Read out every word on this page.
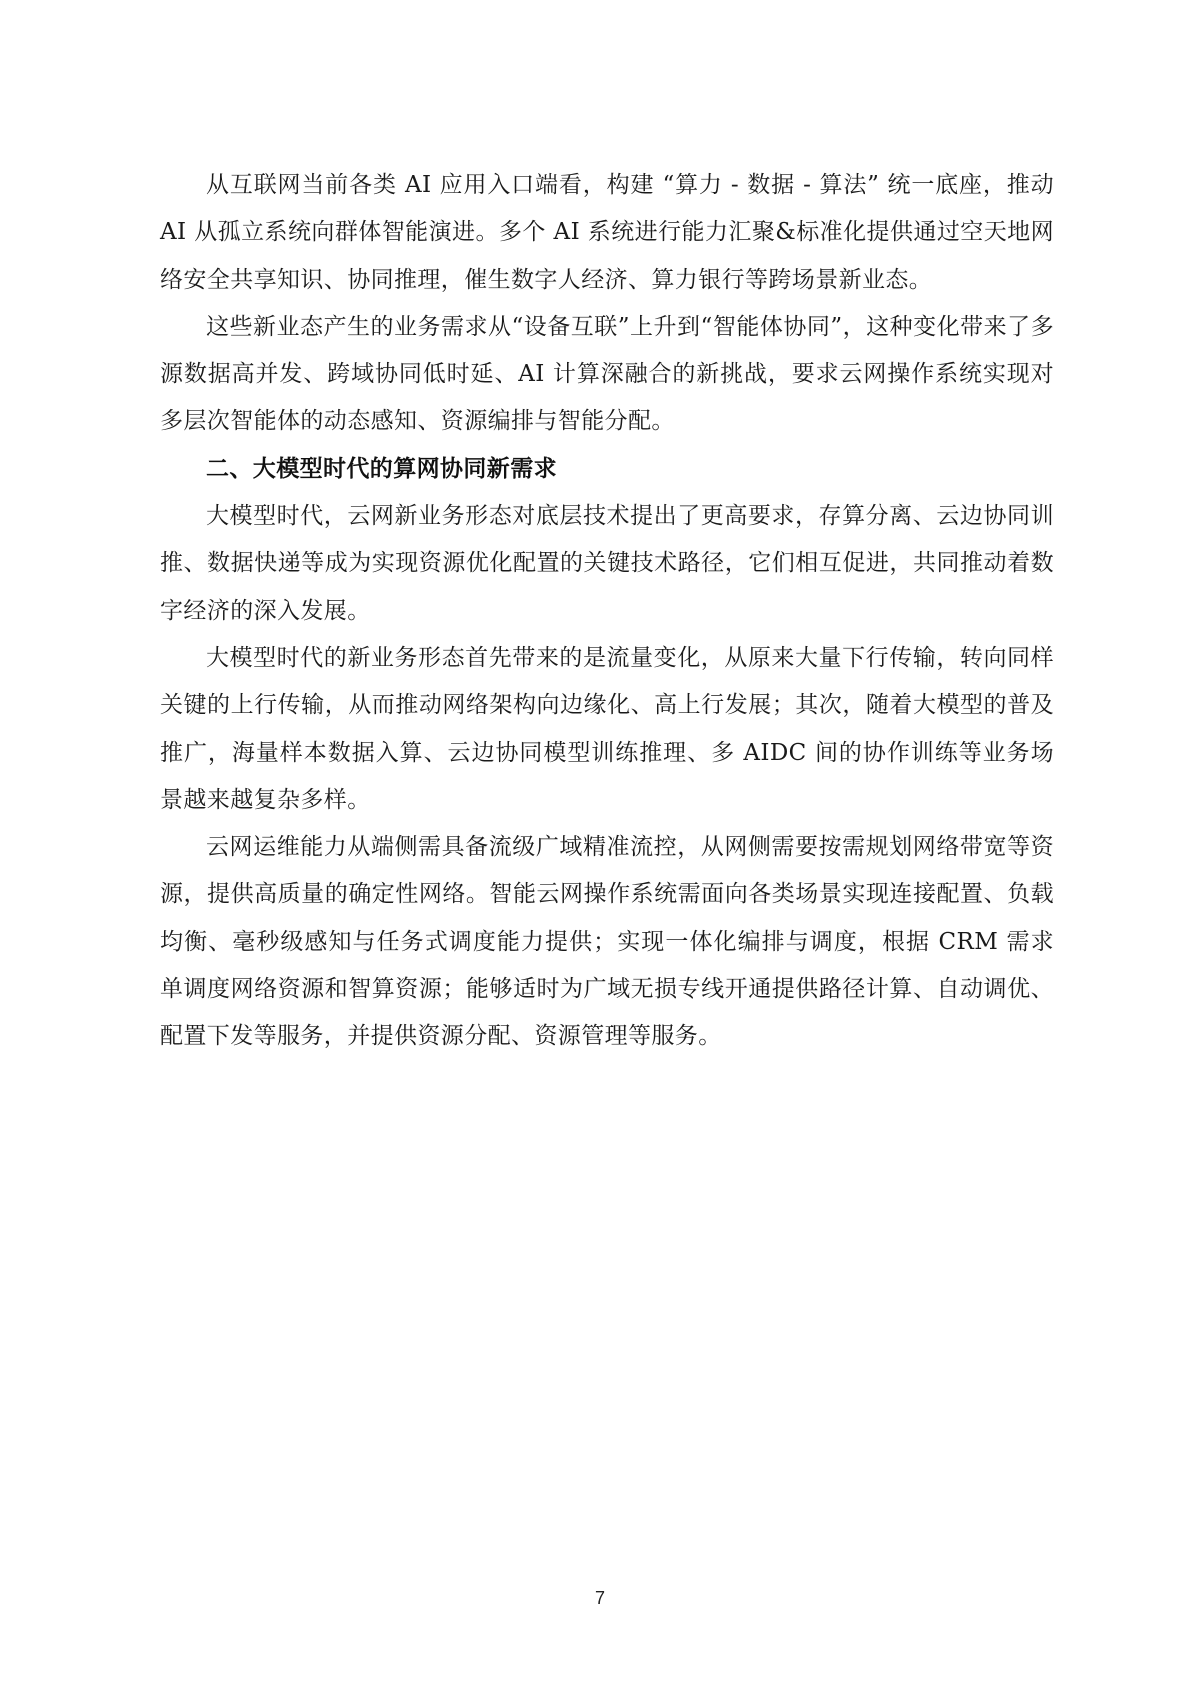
从互联网当前各类 AI 应用入口端看，构建 “算力 - 数据 - 算法” 统一底座，推动 AI 从孤立系统向群体智能演进。多个 AI 系统进行能力汇聚&标准化提供通过空天地网络安全共享知识、协同推理，催生数字人经济、算力银行等跨场景新业态。

这些新业态产生的业务需求从“设备互联”上升到“智能体协同”，这种变化带来了多源数据高并发、跨域协同低时延、AI 计算深融合的新挑战，要求云网操作系统实现对多层次智能体的动态感知、资源编排与智能分配。

二、大模型时代的算网协同新需求

大模型时代，云网新业务形态对底层技术提出了更高要求，存算分离、云边协同训推、数据快递等成为实现资源优化配置的关键技术路径，它们相互促进，共同推动着数字经济的深入发展。

大模型时代的新业务形态首先带来的是流量变化，从原来大量下行传输，转向同样关键的上行传输，从而推动网络架构向边缘化、高上行发展；其次，随着大模型的普及推广，海量样本数据入算、云边协同模型训练推理、多 AIDC 间的协作训练等业务场景越来越复杂多样。

云网运维能力从端侧需具备流级广域精准流控，从网侧需要按需规划网络带宽等资源，提供高质量的确定性网络。智能云网操作系统需面向各类场景实现连接配置、负载均衡、毫秒级感知与任务式调度能力提供；实现一体化编排与调度，根据 CRM 需求单调度网络资源和智算资源；能够适时为广域无损专线开通提供路径计算、自动调优、配置下发等服务，并提供资源分配、资源管理等服务。

7
